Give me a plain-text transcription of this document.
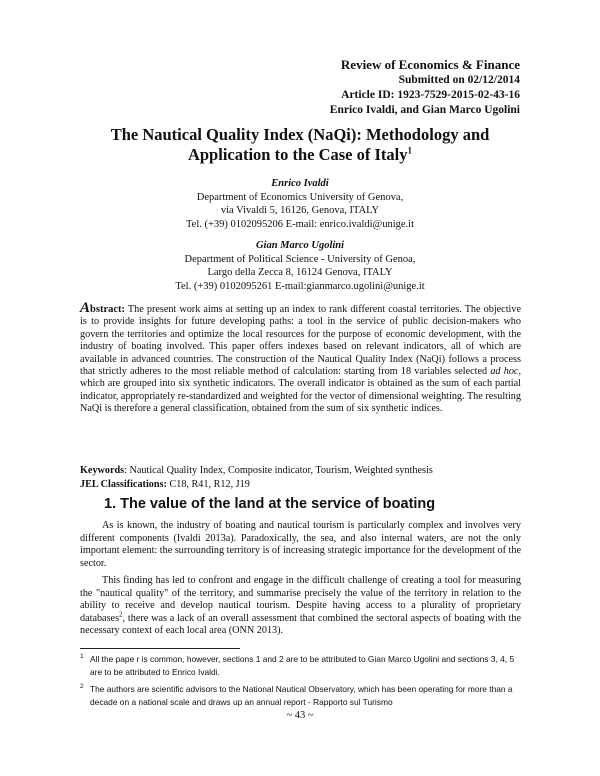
Review of Economics & Finance
Submitted on 02/12/2014
Article ID: 1923-7529-2015-02-43-16
Enrico Ivaldi, and Gian Marco Ugolini
The Nautical Quality Index (NaQi): Methodology and
Application to the Case of Italy$^1$
Enrico Ivaldi
Department of Economics University of Genova,
via Vivaldi 5, 16126, Genova, ITALY
Tel. (+39) 0102095206 E-mail: enrico.ivaldi@unige.it
Gian Marco Ugolini
Department of Political Science - University of Genoa,
Largo della Zecca 8, 16124 Genova, ITALY
Tel. (+39) 0102095261 E-mail:gianmarco.ugolini@unige.it
Abstract: The present work aims at setting up an index to rank different coastal territories. The objective is to provide insights for future developing paths: a tool in the service of public decision-makers who govern the territories and optimize the local resources for the purpose of economic development, with the industry of boating involved. This paper offers indexes based on relevant indicators, all of which are available in advanced countries. The construction of the Nautical Quality Index (NaQi) follows a process that strictly adheres to the most reliable method of calculation: starting from 18 variables selected ad hoc, which are grouped into six synthetic indicators. The overall indicator is obtained as the sum of each partial indicator, appropriately re-standardized and weighted for the vector of dimensional weighting. The resulting NaQi is therefore a general classification, obtained from the sum of six synthetic indices.
Keywords: Nautical Quality Index, Composite indicator, Tourism, Weighted synthesis
JEL Classifications: C18, R41, R12, J19
1. The value of the land at the service of boating
As is known, the industry of boating and nautical tourism is particularly complex and involves very different components (Ivaldi 2013a). Paradoxically, the sea, and also internal waters, are not the only important element: the surrounding territory is of increasing strategic importance for the development of the sector.
This finding has led to confront and engage in the difficult challenge of creating a tool for measuring the "nautical quality" of the territory, and summarise precisely the value of the territory in relation to the ability to receive and develop nautical tourism. Despite having access to a plurality of proprietary databases$^2$, there was a lack of an overall assessment that combined the sectoral aspects of boating with the necessary context of each local area (ONN 2013).
1 All the pape r is common, however, sections 1 and 2 are to be attributed to Gian Marco Ugolini and sections 3, 4, 5 are to be attributed to Enrico Ivaldi.
2 The authors are scientific advisors to the National Nautical Observatory, which has been operating for more than a decade on a national scale and draws up an annual report - Rapporto sul Turismo
~ 43 ~
